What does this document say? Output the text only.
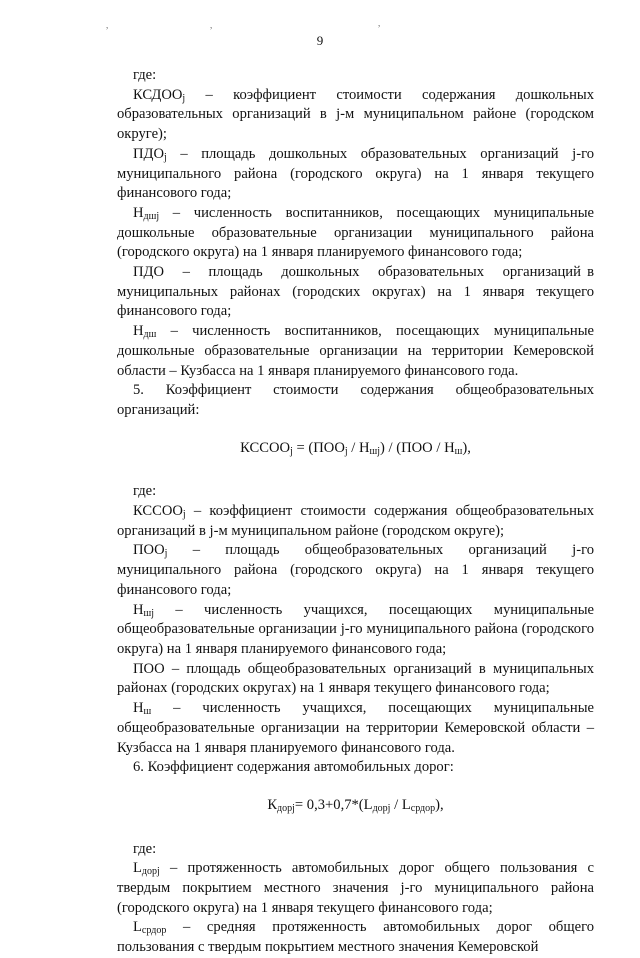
9
,	,	,

где:

$КСДОО_j$   –   коэффициент   стоимости   содержания   дошкольных образовательных организаций в j-м муниципальном районе (городском округе);

$ПДО_j$ – площадь дошкольных образовательных организаций j-го муниципального района (городского округа) на 1 января текущего финансового года;

$Н_{дшj}$ – численность воспитанников, посещающих муниципальные дошкольные образовательные организации муниципального района (городского округа) на 1 января планируемого финансового года;

ПДО   –   площадь   дошкольных   образовательных   организаций в муниципальных районах (городских округах) на 1 января текущего финансового года;

$Н_{дш}$ – численность воспитанников, посещающих муниципальные дошкольные образовательные организации на территории Кемеровской области – Кузбасса на 1 января планируемого финансового года.

5.   Коэффициент   стоимости   содержания   общеобразовательных организаций:

$КССОО_j = (ПОО_j / Н_{шj}) / (ПОО / Н_ш)$,

где:

$КССОО_j$ – коэффициент стоимости содержания общеобразовательных организаций в j-м муниципальном районе (городском округе);

$ПОО_j$   –   площадь   общеобразовательных   организаций   j-го муниципального района (городского округа) на 1 января текущего финансового года;

$Н_{шj}$   –   численность   учащихся,   посещающих   муниципальные общеобразовательные организации j-го муниципального района (городского округа) на 1 января планируемого финансового года;

ПОО – площадь общеобразовательных организаций в муниципальных районах (городских округах) на 1 января текущего финансового года;

$Н_ш$   –   численность   учащихся,   посещающих   муниципальные общеобразовательные организации на территории Кемеровской области – Кузбасса на 1 января планируемого финансового года.

6. Коэффициент содержания автомобильных дорог:

$К_{дорj}= 0,3+0,7*(L_{дорj} / L_{срдор})$,

где:

$L_{дорj}$ – протяженность автомобильных дорог общего пользования с твердым покрытием местного значения j-го муниципального района (городского округа) на 1 января текущего финансового года;

$L_{срдор}$   –   средняя   протяженность   автомобильных   дорог   общего пользования с твердым покрытием местного значения Кемеровской
